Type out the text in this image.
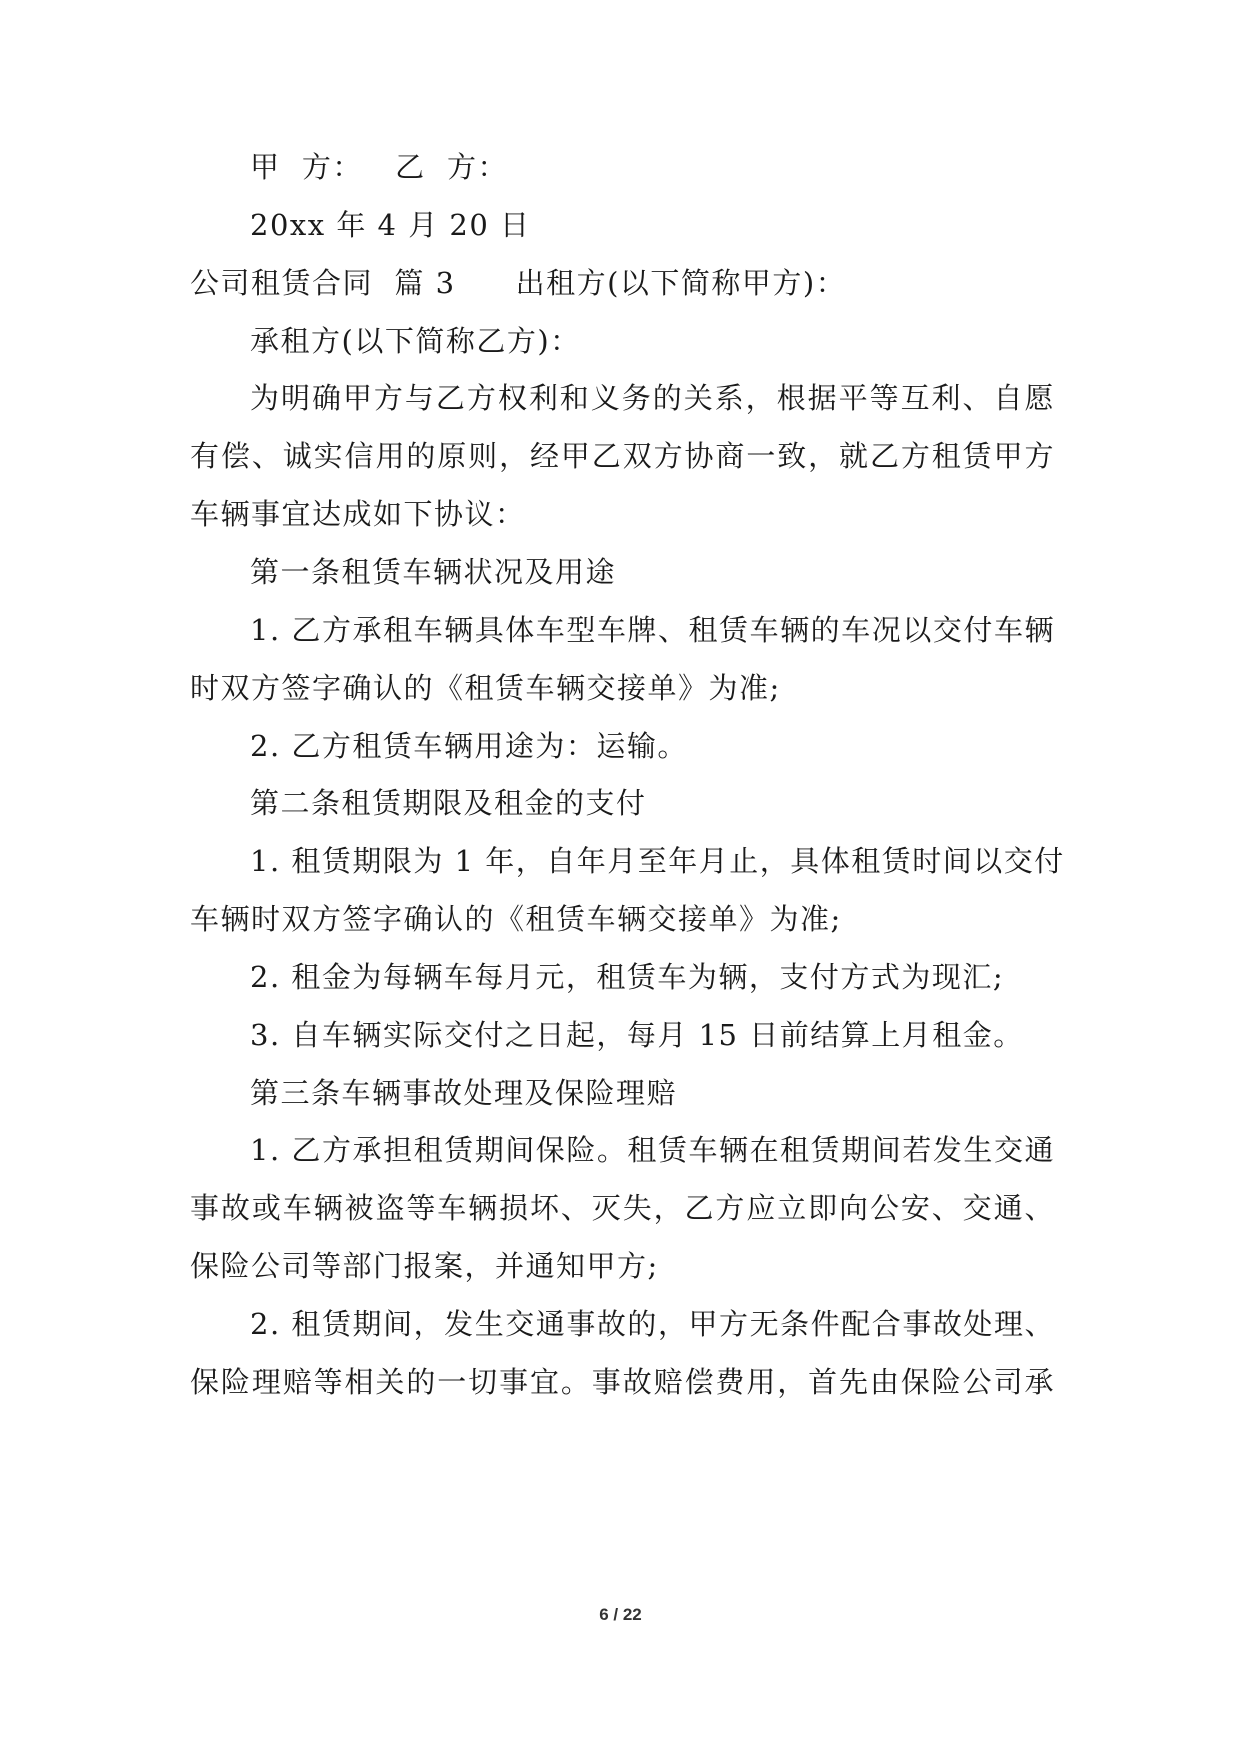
甲  方：   乙  方：
20xx 年 4 月 20 日
公司租赁合同  篇 3 出租方(以下简称甲方)：
承租方(以下简称乙方)：
为明确甲方与乙方权利和义务的关系，根据平等互利、自愿
有偿、诚实信用的原则，经甲乙双方协商一致，就乙方租赁甲方
车辆事宜达成如下协议：
第一条租赁车辆状况及用途
1. 乙方承租车辆具体车型车牌、租赁车辆的车况以交付车辆
时双方签字确认的《租赁车辆交接单》为准;
2. 乙方租赁车辆用途为：运输。
第二条租赁期限及租金的支付
1. 租赁期限为 1 年，自年月至年月止，具体租赁时间以交付
车辆时双方签字确认的《租赁车辆交接单》为准;
2. 租金为每辆车每月元，租赁车为辆，支付方式为现汇;
3. 自车辆实际交付之日起，每月 15 日前结算上月租金。
第三条车辆事故处理及保险理赔
1. 乙方承担租赁期间保险。租赁车辆在租赁期间若发生交通
事故或车辆被盗等车辆损坏、灭失，乙方应立即向公安、交通、
保险公司等部门报案，并通知甲方;
2. 租赁期间，发生交通事故的，甲方无条件配合事故处理、
保险理赔等相关的一切事宜。事故赔偿费用，首先由保险公司承
6 / 22
